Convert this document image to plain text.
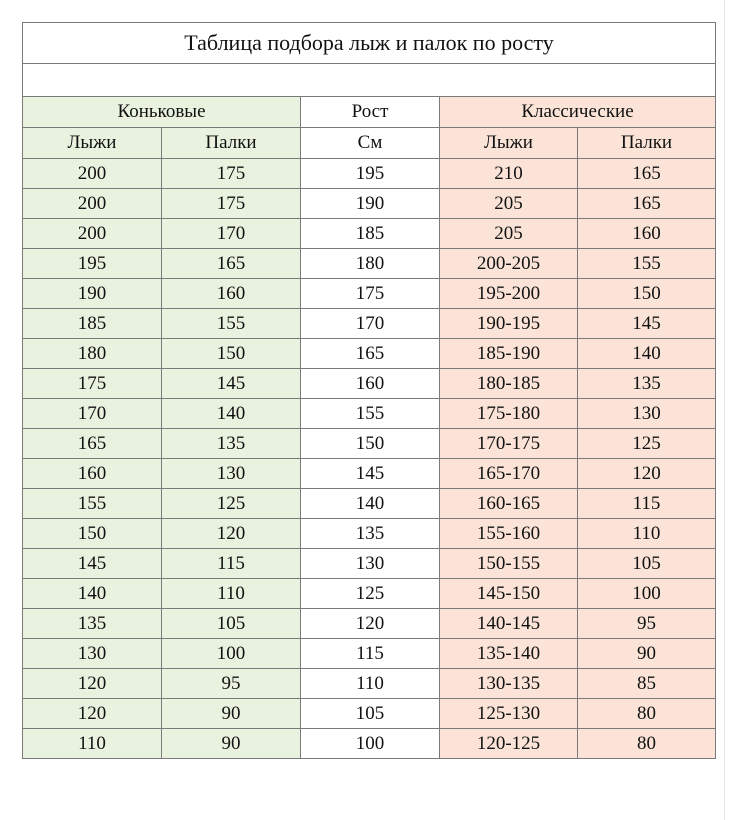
Таблица подбора лыж и палок по росту				

Коньковые		Рост	Классические	
Лыжи	Палки	См	Лыжи	Палки
200	175	195	210	165
200	175	190	205	165
200	170	185	205	160
195	165	180	200-205	155
190	160	175	195-200	150
185	155	170	190-195	145
180	150	165	185-190	140
175	145	160	180-185	135
170	140	155	175-180	130
165	135	150	170-175	125
160	130	145	165-170	120
155	125	140	160-165	115
150	120	135	155-160	110
145	115	130	150-155	105
140	110	125	145-150	100
135	105	120	140-145	95
130	100	115	135-140	90
120	95	110	130-135	85
120	90	105	125-130	80
110	90	100	120-125	80
